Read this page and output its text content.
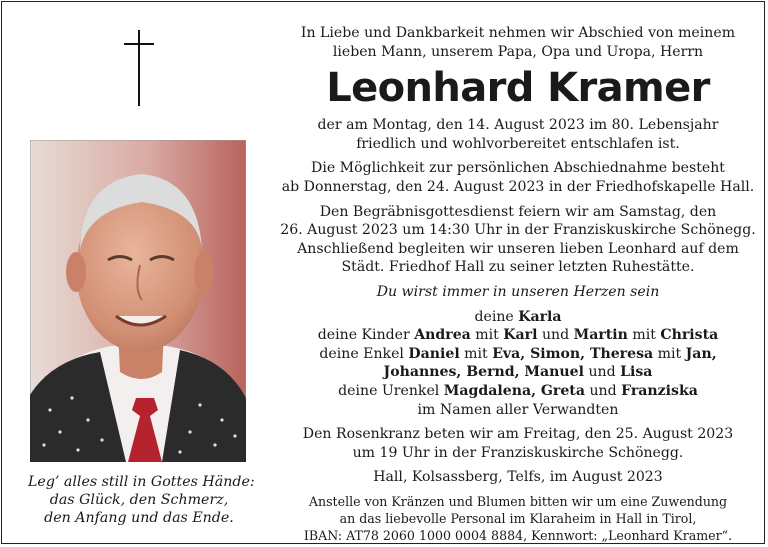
Leg’ alles still in Gottes Hände:
das Glück, den Schmerz,
den Anfang und das Ende.
In Liebe und Dankbarkeit nehmen wir Abschied von meinem
lieben Mann, unserem Papa, Opa und Uropa, Herrn
Leonhard Kramer
der am Montag, den 14. August 2023 im 80. Lebensjahr
friedlich und wohlvorbereitet entschlafen ist.
Die Möglichkeit zur persönlichen Abschiednahme besteht
ab Donnerstag, den 24. August 2023 in der Friedhofskapelle Hall.
Den Begräbnisgottesdienst feiern wir am Samstag, den
26. August 2023 um 14:30 Uhr in der Franziskuskirche Schönegg.
Anschließend begleiten wir unseren lieben Leonhard auf dem
Städt. Friedhof Hall zu seiner letzten Ruhestätte.
Du wirst immer in unseren Herzen sein
deine Karla
deine Kinder Andrea mit Karl und Martin mit Christa
deine Enkel Daniel mit Eva, Simon, Theresa mit Jan,
Johannes, Bernd, Manuel und Lisa
deine Urenkel Magdalena, Greta und Franziska
im Namen aller Verwandten
Den Rosenkranz beten wir am Freitag, den 25. August 2023
um 19 Uhr in der Franziskuskirche Schönegg.
Hall, Kolsassberg, Telfs, im August 2023
Anstelle von Kränzen und Blumen bitten wir um eine Zuwendung
an das liebevolle Personal im Klaraheim in Hall in Tirol,
IBAN: AT78 2060 1000 0004 8884, Kennwort: „Leonhard Kramer“.
